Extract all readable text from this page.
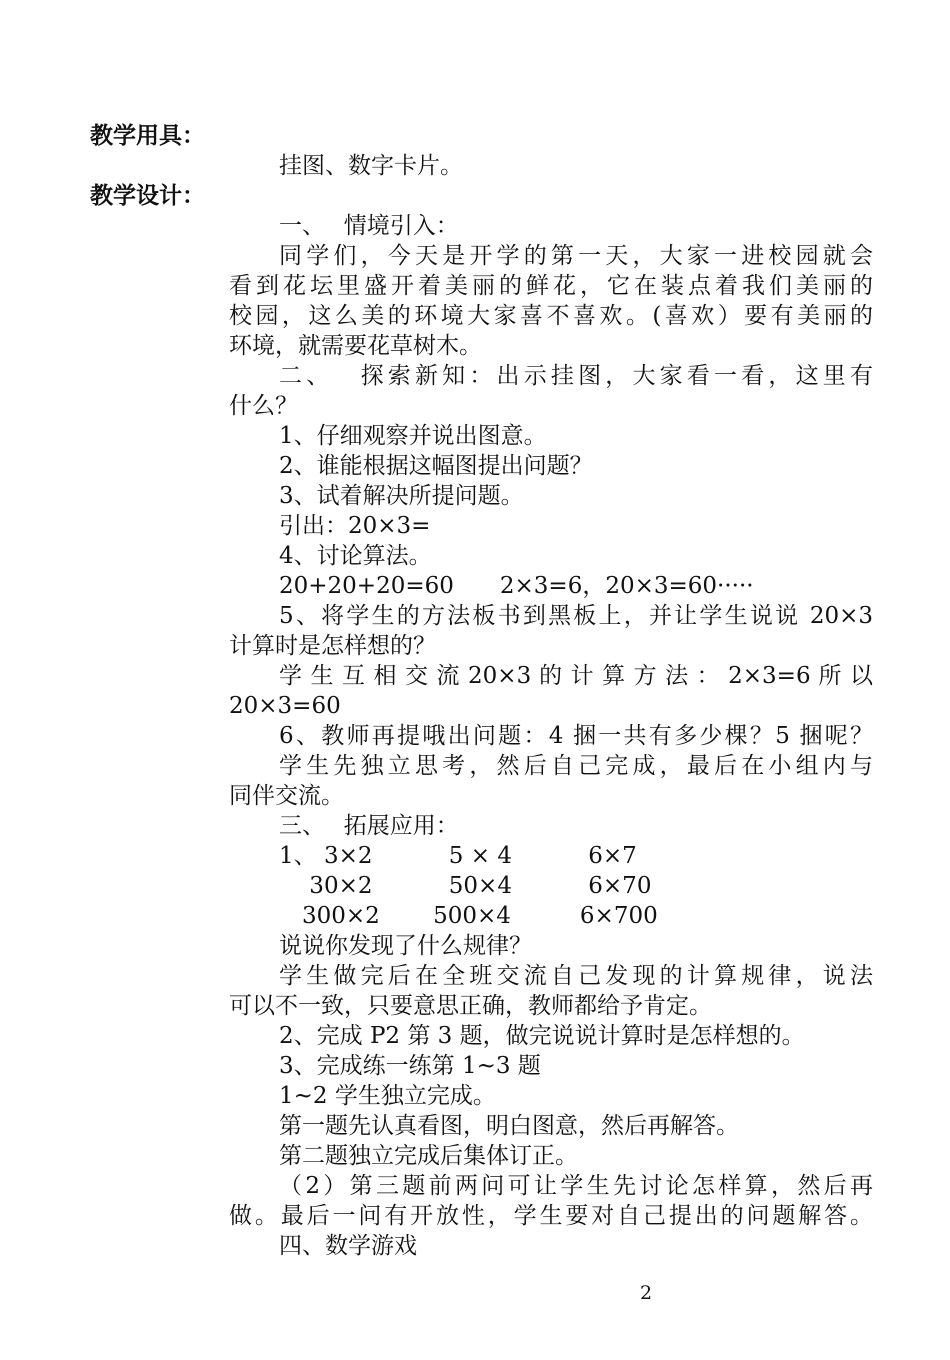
教学用具：
挂图、数字卡片。
教学设计：
一、　 情境引入：
同学们，今天是开学的第一天，大家一进校园就会
看到花坛里盛开着美丽的鲜花，它在装点着我们美丽的
校园，这么美的环境大家喜不喜欢。(喜欢）要有美丽的
环境，就需要花草树木。
二、　 探索新知：出示挂图，大家看一看，这里有
什么？
1、仔细观察并说出图意。
2、谁能根据这幅图提出问题？
3、试着解决所提问题。
引出：20×3=
4、讨论算法。
20+20+20=60　　2×3=6，20×3=60·····
5、将学生的方法板书到黑板上，并让学生说说 20×3
计算时是怎样想的？
学 生 互 相 交 流 20×3 的 计 算 方 法 ： 2×3=6 所 以
20×3=60
6、教师再提哦出问题：4 捆一共有多少棵？5 捆呢？
学生先独立思考，然后自己完成，最后在小组内与
同伴交流。
三、　 拓展应用：
1、 3×2　　　 5 × 4　　　 6×7
　 30×2　　　 50×4　　　 6×70
　300×2　　 500×4　　　6×700
说说你发现了什么规律？
学生做完后在全班交流自己发现的计算规律，说法
可以不一致，只要意思正确，教师都给予肯定。
2、完成 P2 第 3 题，做完说说计算时是怎样想的。
3、完成练一练第 1~3 题
1~2 学生独立完成。
第一题先认真看图，明白图意，然后再解答。
第二题独立完成后集体订正。
（2）第三题前两问可让学生先讨论怎样算，然后再
做。最后一问有开放性，学生要对自己提出的问题解答。
四、数学游戏
2
